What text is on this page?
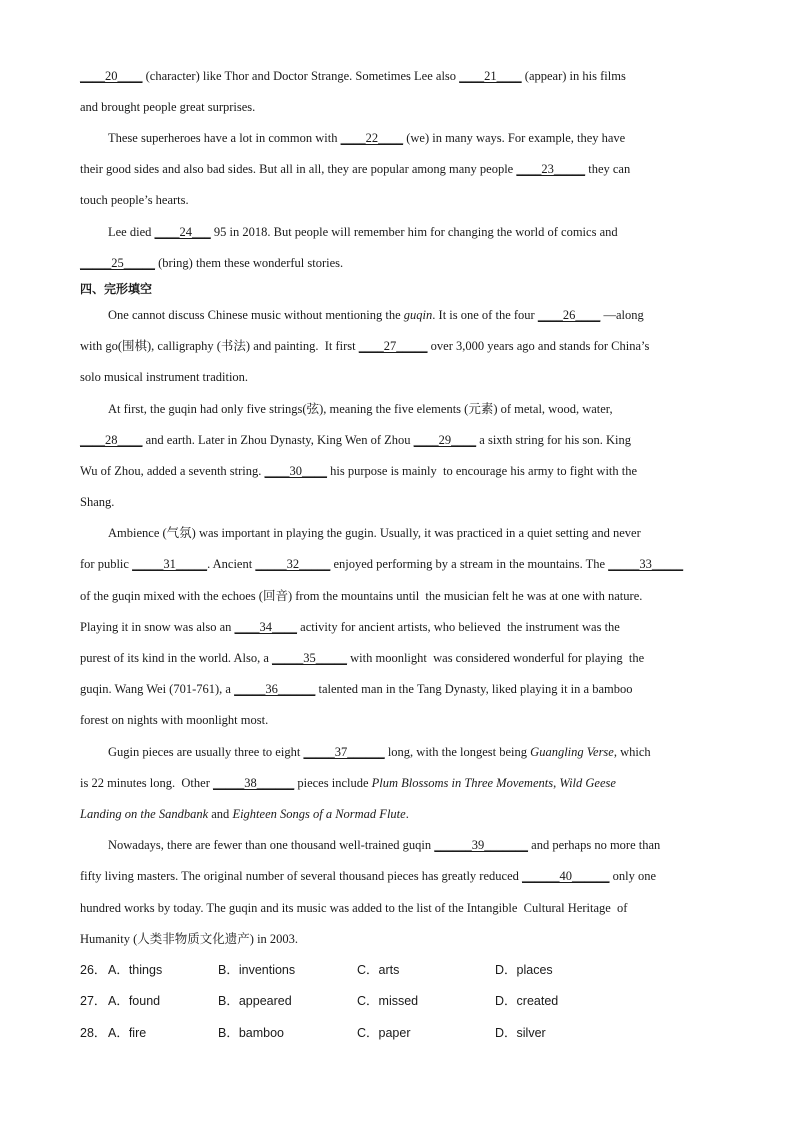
____20____ (character) like Thor and Doctor Strange. Sometimes Lee also ____21____ (appear) in his films
and brought people great surprises.
These superheroes have a lot in common with ____22____ (we) in many ways. For example, they have
their good sides and also bad sides. But all in all, they are popular among many people ____23_____ they can
touch people’s hearts.
Lee died ____24___ 95 in 2018. But people will remember him for changing the world of comics and
_____25_____ (bring) them these wonderful stories.
四、完形填空
One cannot discuss Chinese music without mentioning the guqin. It is one of the four ____26____ —along
with go(围棋), calligraphy (书法) and painting.  It first ____27_____ over 3,000 years ago and stands for China’s
solo musical instrument tradition.
At first, the guqin had only five strings(弦), meaning the five elements (元素) of metal, wood, water,
____28____ and earth. Later in Zhou Dynasty, King Wen of Zhou ____29____ a sixth string for his son. King
Wu of Zhou, added a seventh string. ____30____ his purpose is mainly  to encourage his army to fight with the
Shang.
Ambience (气氛) was important in playing the gugin. Usually, it was practiced in a quiet setting and never
for public _____31_____. Ancient _____32_____ enjoyed performing by a stream in the mountains. The _____33_____
of the guqin mixed with the echoes (回音) from the mountains until  the musician felt he was at one with nature.
Playing it in snow was also an ____34____ activity for ancient artists, who believed  the instrument was the
purest of its kind in the world. Also, a _____35_____ with moonlight  was considered wonderful for playing  the
guqin. Wang Wei (701-761), a _____36______ talented man in the Tang Dynasty, liked playing it in a bamboo
forest on nights with moonlight most.
Gugin pieces are usually three to eight _____37______ long, with the longest being Guangling Verse, which
is 22 minutes long.  Other _____38______ pieces include Plum Blossoms in Three Movements, Wild Geese
Landing on the Sandbank and Eighteen Songs of a Normad Flute.
Nowadays, there are fewer than one thousand well-trained guqin ______39_______ and perhaps no more than
fifty living masters. The original number of several thousand pieces has greatly reduced ______40______ only one
hundred works by today. The guqin and its music was added to the list of the Intangible  Cultural Heritage  of
Humanity (人类非物质文化遗产) in 2003.
26． A．things	B．inventions	C．arts	D．places
27． A．found	B．appeared	C．missed	D．created
28． A．fire	B．bamboo	C．paper	D．silver
